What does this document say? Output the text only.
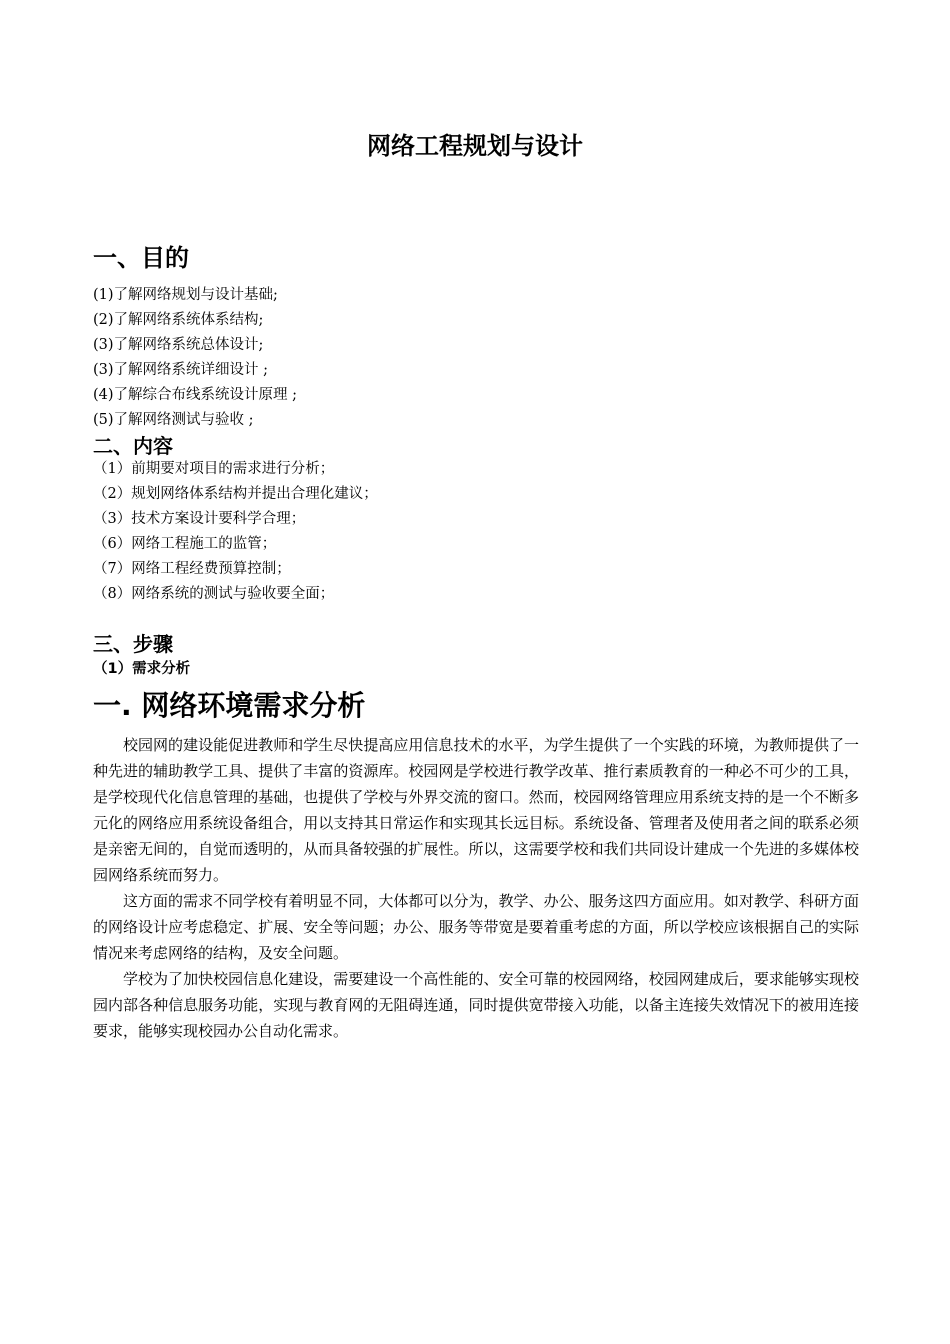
网络工程规划与设计
一、目的
(1)了解网络规划与设计基础;
(2)了解网络系统体系结构;
(3)了解网络系统总体设计;
(3)了解网络系统详细设计 ;
(4)了解综合布线系统设计原理 ;
(5)了解网络测试与验收 ;
二、内容
（1）前期要对项目的需求进行分析；
（2）规划网络体系结构并提出合理化建议；
（3）技术方案设计要科学合理；
（6）网络工程施工的监管；
（7）网络工程经费预算控制；
（8）网络系统的测试与验收要全面；
三、步骤
（1）需求分析
一. 网络环境需求分析

校园网的建设能促进教师和学生尽快提高应用信息技术的水平，为学生提供了一个实践的环境，为教师提供了一种先进的辅助教学工具、提供了丰富的资源库。校园网是学校进行教学改革、推行素质教育的一种必不可少的工具，是学校现代化信息管理的基础，也提供了学校与外界交流的窗口。然而，校园网络管理应用系统支持的是一个不断多元化的网络应用系统设备组合，用以支持其日常运作和实现其长远目标。系统设备、管理者及使用者之间的联系必须是亲密无间的，自觉而透明的，从而具备较强的扩展性。所以，这需要学校和我们共同设计建成一个先进的多媒体校园网络系统而努力。

这方面的需求不同学校有着明显不同，大体都可以分为，教学、办公、服务这四方面应用。如对教学、科研方面的网络设计应考虑稳定、扩展、安全等问题；办公、服务等带宽是要着重考虑的方面，所以学校应该根据自己的实际情况来考虑网络的结构，及安全问题。

学校为了加快校园信息化建设，需要建设一个高性能的、安全可靠的校园网络，校园网建成后，要求能够实现校园内部各种信息服务功能，实现与教育网的无阻碍连通，同时提供宽带接入功能，以备主连接失效情况下的被用连接要求，能够实现校园办公自动化需求。
